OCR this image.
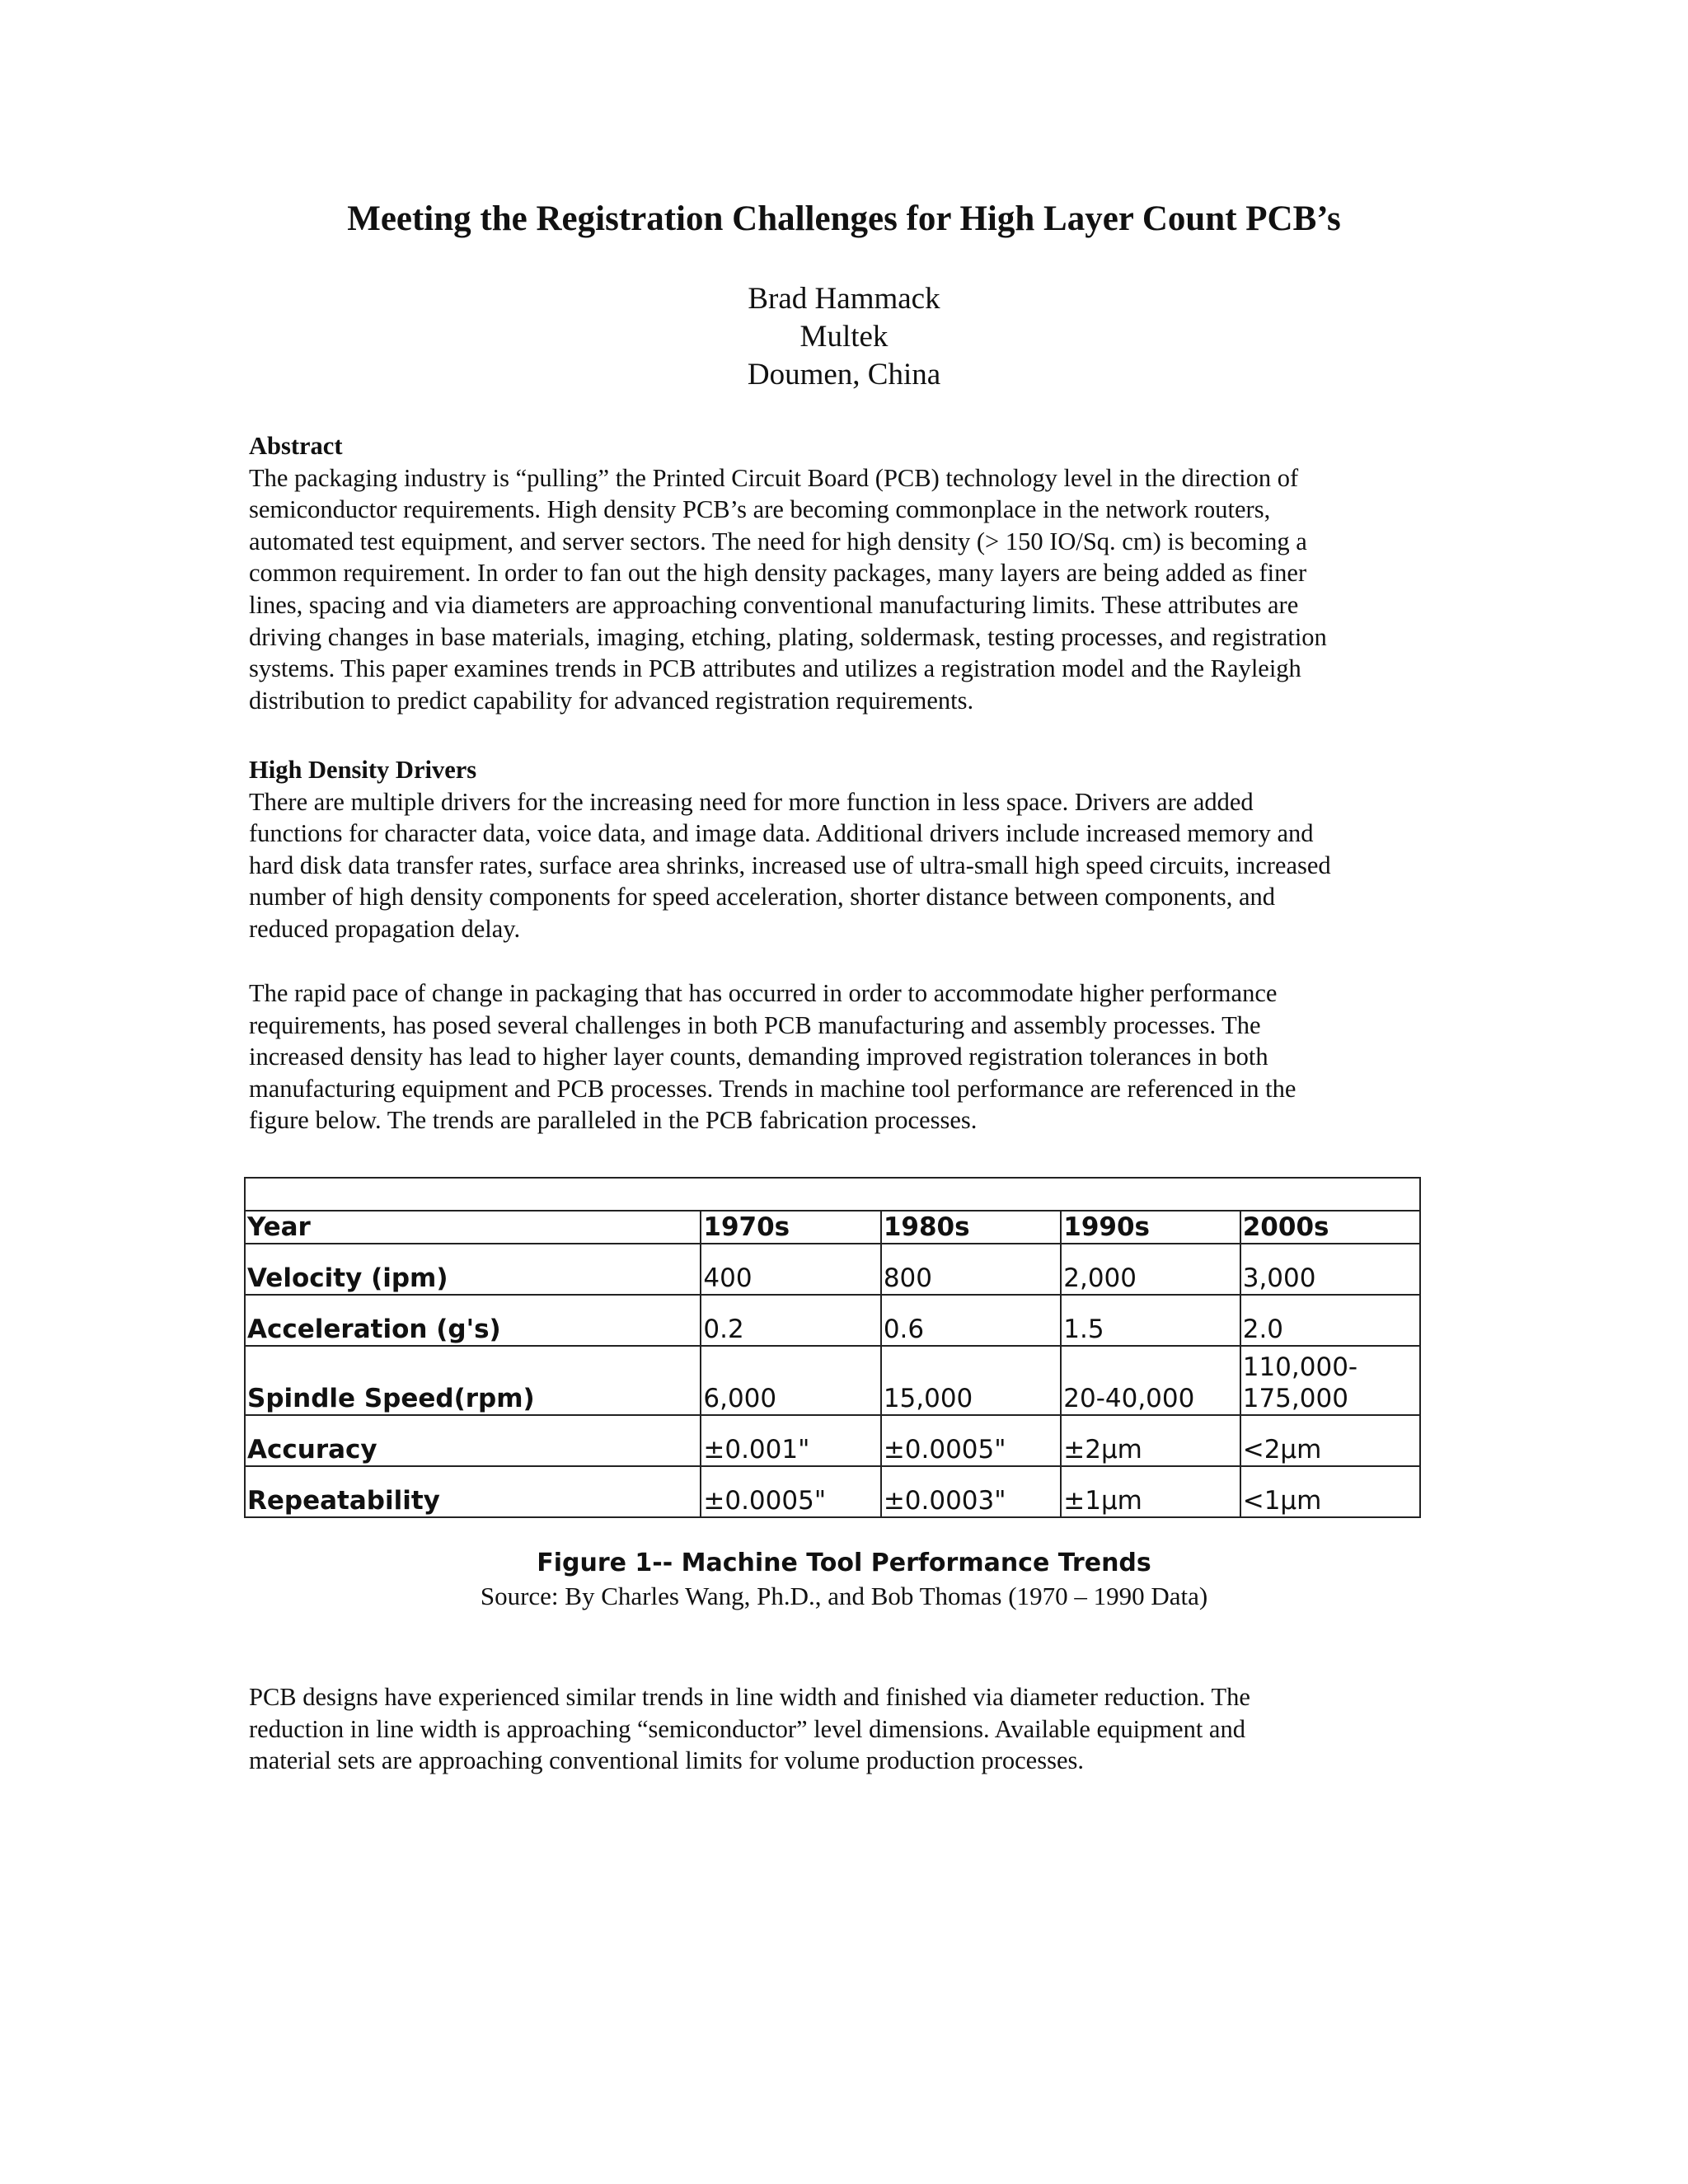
Meeting the Registration Challenges for High Layer Count PCB’s
Brad Hammack
Multek
Doumen, China
Abstract

The packaging industry is “pulling” the Printed Circuit Board (PCB) technology level in the direction of
semiconductor requirements. High density PCB’s are becoming commonplace in the network routers,
automated test equipment, and server sectors. The need for high density (> 150 IO/Sq. cm) is becoming a
common requirement. In order to fan out the high density packages, many layers are being added as finer
lines, spacing and via diameters are approaching conventional manufacturing limits. These attributes are
driving changes in base materials, imaging, etching, plating, soldermask, testing processes, and registration
systems. This paper examines trends in PCB attributes and utilizes a registration model and the Rayleigh
distribution to predict capability for advanced registration requirements.

High Density Drivers

There are multiple drivers for the increasing need for more function in less space. Drivers are added
functions for character data, voice data, and image data. Additional drivers include increased memory and
hard disk data transfer rates, surface area shrinks, increased use of ultra-small high speed circuits, increased
number of high density components for speed acceleration, shorter distance between components, and
reduced propagation delay.

The rapid pace of change in packaging that has occurred in order to accommodate higher performance
requirements, has posed several challenges in both PCB manufacturing and assembly processes. The
increased density has lead to higher layer counts, demanding improved registration tolerances in both
manufacturing equipment and PCB processes. Trends in machine tool performance are referenced in the
figure below. The trends are paralleled in the PCB fabrication processes.

Year	1970s	1980s	1990s	2000s
Velocity (ipm)	400	800	2,000	3,000
Acceleration (g's)	0.2	0.6	1.5	2.0
Spindle Speed(rpm)	6,000	15,000	20-40,000	110,000-
175,000
Accuracy	±0.001"	±0.0005"	±2μm	<2μm
Repeatability	±0.0005"	±0.0003"	±1μm	<1μm
Figure 1-- Machine Tool Performance Trends
Source: By Charles Wang, Ph.D., and Bob Thomas (1970 – 1990 Data)
PCB designs have experienced similar trends in line width and finished via diameter reduction. The
reduction in line width is approaching “semiconductor” level dimensions. Available equipment and
material sets are approaching conventional limits for volume production processes.
